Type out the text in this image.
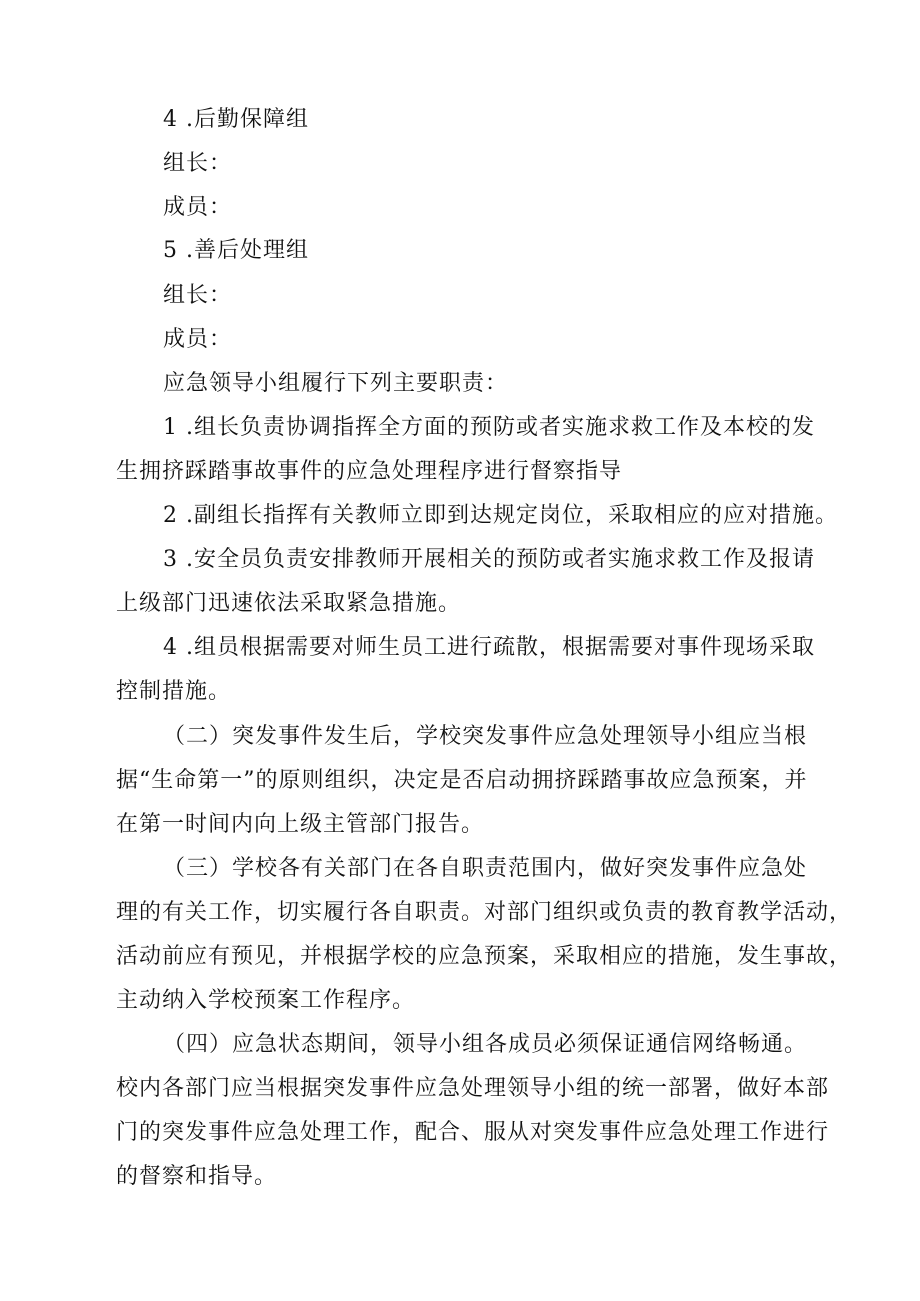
4 .后勤保障组
组长：
成员：
5 .善后处理组
组长：
成员：
应急领导小组履行下列主要职责：
1 .组长负责协调指挥全方面的预防或者实施求救工作及本校的发
生拥挤踩踏事故事件的应急处理程序进行督察指导
2 .副组长指挥有关教师立即到达规定岗位，采取相应的应对措施。
3 .安全员负责安排教师开展相关的预防或者实施求救工作及报请
上级部门迅速依法采取紧急措施。
4 .组员根据需要对师生员工进行疏散，根据需要对事件现场采取
控制措施。
（二）突发事件发生后，学校突发事件应急处理领导小组应当根
据“生命第一”的原则组织，决定是否启动拥挤踩踏事故应急预案，并
在第一时间内向上级主管部门报告。
（三）学校各有关部门在各自职责范围内，做好突发事件应急处
理的有关工作，切实履行各自职责。对部门组织或负责的教育教学活动，
活动前应有预见，并根据学校的应急预案，采取相应的措施，发生事故，
主动纳入学校预案工作程序。
（四）应急状态期间，领导小组各成员必须保证通信网络畅通。
校内各部门应当根据突发事件应急处理领导小组的统一部署，做好本部
门的突发事件应急处理工作，配合、服从对突发事件应急处理工作进行
的督察和指导。
